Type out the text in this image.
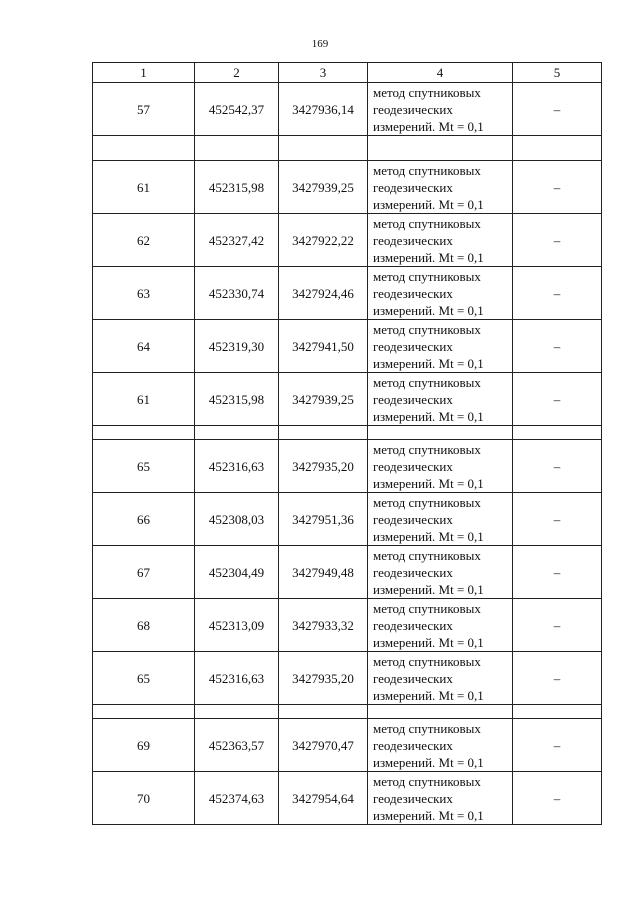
169
1	2	3	4	5
57	452542,37	3427936,14	метод спутниковых
геодезических
измерений. Mt = 0,1	–

61	452315,98	3427939,25	метод спутниковых
геодезических
измерений. Mt = 0,1	–
62	452327,42	3427922,22	метод спутниковых
геодезических
измерений. Mt = 0,1	–
63	452330,74	3427924,46	метод спутниковых
геодезических
измерений. Mt = 0,1	–
64	452319,30	3427941,50	метод спутниковых
геодезических
измерений. Mt = 0,1	–
61	452315,98	3427939,25	метод спутниковых
геодезических
измерений. Mt = 0,1	–

65	452316,63	3427935,20	метод спутниковых
геодезических
измерений. Mt = 0,1	–
66	452308,03	3427951,36	метод спутниковых
геодезических
измерений. Mt = 0,1	–
67	452304,49	3427949,48	метод спутниковых
геодезических
измерений. Mt = 0,1	–
68	452313,09	3427933,32	метод спутниковых
геодезических
измерений. Mt = 0,1	–
65	452316,63	3427935,20	метод спутниковых
геодезических
измерений. Mt = 0,1	–

69	452363,57	3427970,47	метод спутниковых
геодезических
измерений. Mt = 0,1	–
70	452374,63	3427954,64	метод спутниковых
геодезических
измерений. Mt = 0,1	–
